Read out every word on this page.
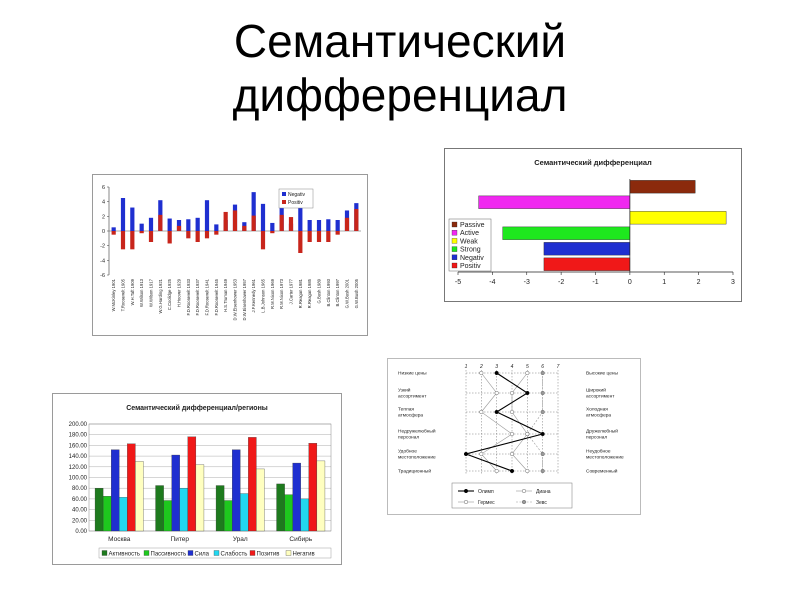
Семантический
дифференциал
-6
-4
-2
0
2
4
6
W.McKinley 1901 T.Roosevelt 1905 W.H.Taft 1909 W.Wilson 1913 W.Wilson 1917 W.G.Harding 1921 C.Coolidge 1925 H.Hoover 1929 F.D.Roosevelt 1933 F.D.Roosevelt 1937 F.D.Roosevelt 1941 F.D.Roosevelt 1945 H.S.Truman 1949 D.W.Eisenhower 1953 D.W.Eisenhower 1957 J.F.Kennedy 1961 L.B.Johnson 1965 R.M.Nixon 1969 R.M.Nixon 1973 J.Carter 1977 R.Reagan 1981 R.Reagan 1985 G.Bush 1989 B.Clinton 1993 B.Clinton 1997 G.W.Bush 2001 G.W.Bush 2005
Negativ
Positiv
Семантический дифференциал
-5	-4	-3	-2	-1	0	1	2	3
Passive
Active
Weak
Strong
Negativ
Positiv
Семантический дифференциал/регионы
0.00
20.00
40.00
60.00
80.00
100.00
120.00
140.00
160.00
180.00
200.00
Москва	Питер	Урал	Сибирь
Активность Пассивность Сила Слабость Позитив Негатив
1	2	3	4	5	6	7
Низкие цены
Узкий
ассортимент
Теплая
атмосфера
Недружелюбный
персонал
Удобное
местоположение
Традиционный
Высокие цены
Широкий
ассортимент
Холодная
атмосфера
Дружелюбный
персонал
Неудобное
местоположение
Современный
Олимп	Диана
Гермес	Зевс
